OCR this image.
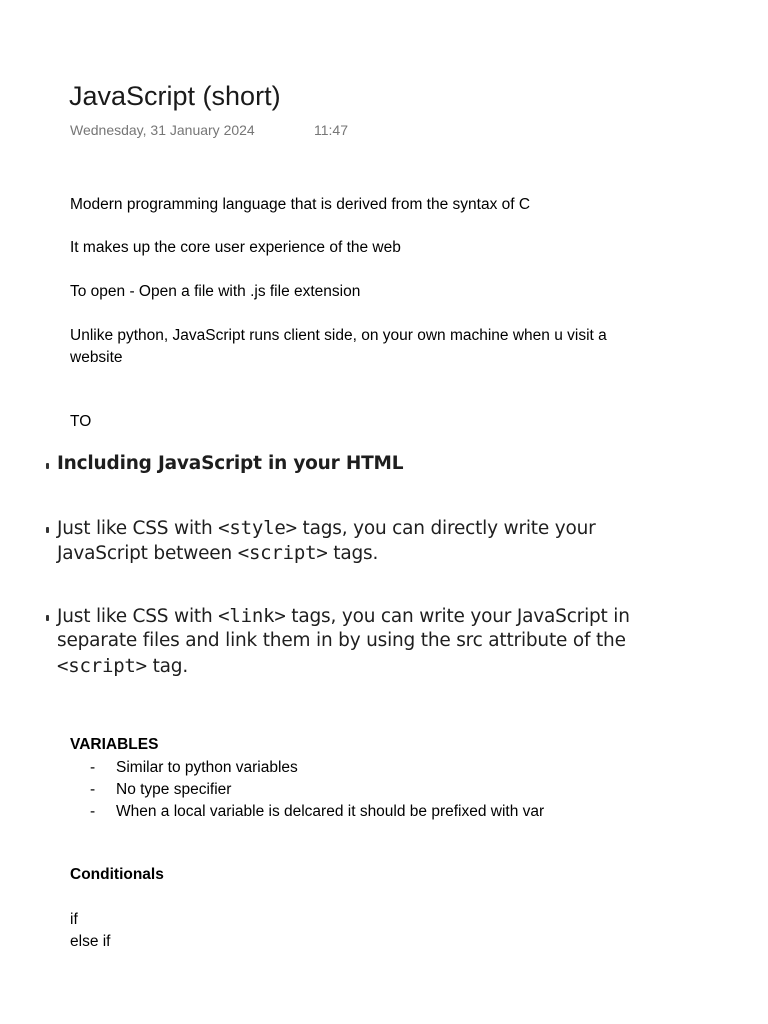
JavaScript (short)
Wednesday, 31 January 2024	11:47
Modern programming language that is derived from the syntax of C
It makes up the core user experience of the web
To open - Open a file with .js file extension
Unlike python, JavaScript runs client side, on your own machine when u visit a website
TO
Including JavaScript in your HTML
Just like CSS with <style> tags, you can directly write your
JavaScript between <script> tags.
Just like CSS with <link> tags, you can write your JavaScript in
separate files and link them in by using the src attribute of the
<script> tag.
VARIABLES
- Similar to python variables
- No type specifier
- When a local variable is delcared it should be prefixed with var
Conditionals
if
else if
